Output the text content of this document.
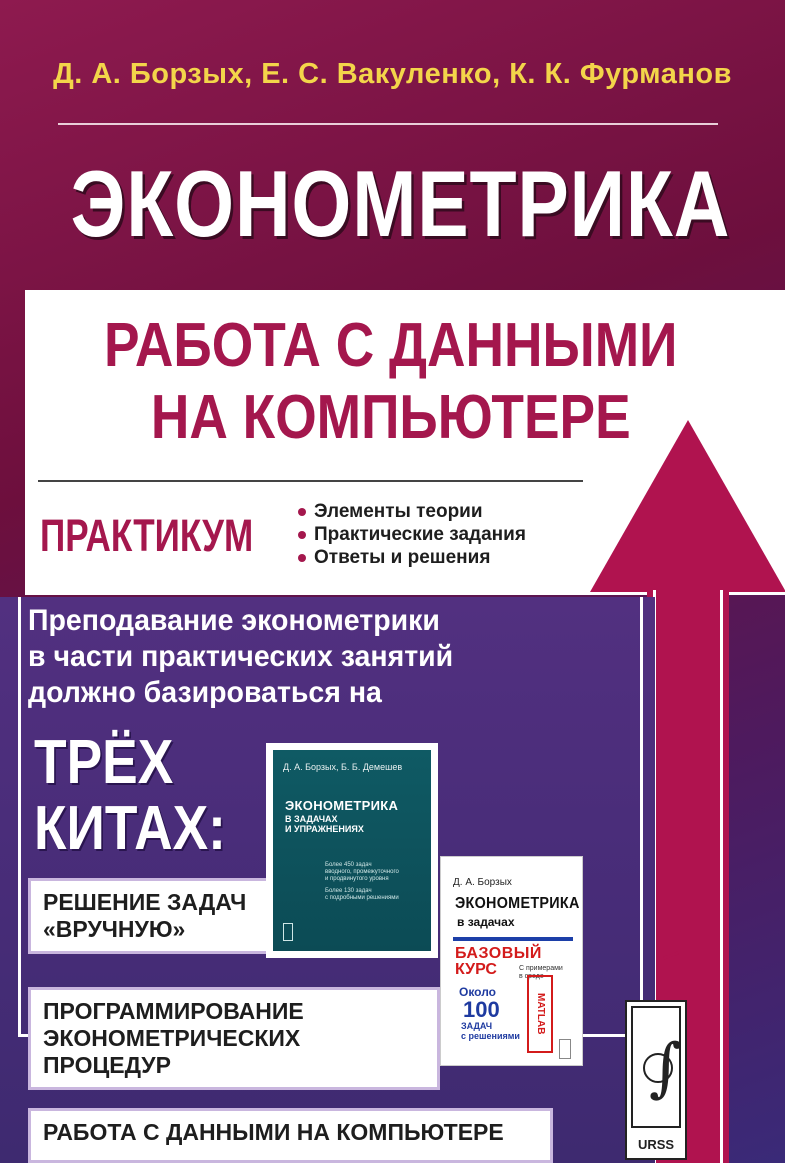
Д. А. Борзых, Е. С. Вакуленко, К. К. Фурманов
ЭКОНОМЕТРИКА
РАБОТА С ДАННЫМИ
НА КОМПЬЮТЕРЕ
ПРАКТИКУМ	Элементы теории
Практические задания
Ответы и решения
Преподавание эконометрики
в части практических занятий
должно базироваться на
ТРЁХ
КИТАХ:
РЕШЕНИЕ ЗАДАЧ
«ВРУЧНУЮ»
ПРОГРАММИРОВАНИЕ
ЭКОНОМЕТРИЧЕСКИХ ПРОЦЕДУР
РАБОТА С ДАННЫМИ НА КОМПЬЮТЕРЕ
Д. А. Борзых, Б. Б. Демешев
ЭКОНОМЕТРИКА
В ЗАДАЧАХ
И УПРАЖНЕНИЯХ
Более 450 задач
вводного, промежуточного
и продвинутого уровня
Более 130 задач
с подробными решениями
Д. А. Борзых
ЭКОНОМЕТРИКА
в задачах
БАЗОВЫЙ
КУРС	С примерами
в среде
Около
100
ЗАДАЧ
с решениями
MATLAB
∫
URSS
